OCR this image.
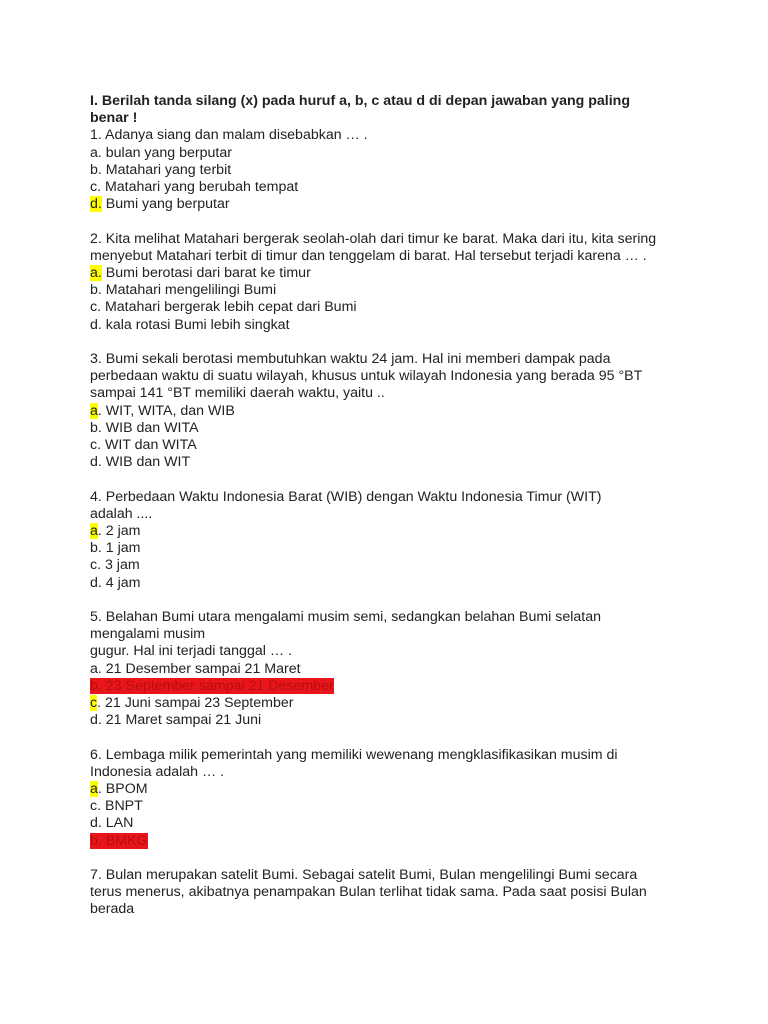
I. Berilah tanda silang (x) pada huruf a, b, c atau d di depan jawaban yang paling

benar !

1. Adanya siang dan malam disebabkan … .

a. bulan yang berputar

b. Matahari yang terbit

c. Matahari yang berubah tempat

d. Bumi yang berputar

2. Kita melihat Matahari bergerak seolah-olah dari timur ke barat. Maka dari itu, kita sering

menyebut Matahari terbit di timur dan tenggelam di barat. Hal tersebut terjadi karena … .

a. Bumi berotasi dari barat ke timur

b. Matahari mengelilingi Bumi

c. Matahari bergerak lebih cepat dari Bumi

d. kala rotasi Bumi lebih singkat

3. Bumi sekali berotasi membutuhkan waktu 24 jam. Hal ini memberi dampak pada

perbedaan waktu di suatu wilayah, khusus untuk wilayah Indonesia yang berada 95 °BT

sampai 141 °BT memiliki daerah waktu, yaitu ..

a. WIT, WITA, dan WIB

b. WIB dan WITA

c. WIT dan WITA

d. WIB dan WIT

4. Perbedaan Waktu Indonesia Barat (WIB) dengan Waktu Indonesia Timur (WIT)

adalah ....

a. 2 jam

b. 1 jam

c. 3 jam

d. 4 jam

5. Belahan Bumi utara mengalami musim semi, sedangkan belahan Bumi selatan

mengalami musim

gugur. Hal ini terjadi tanggal … .

a. 21 Desember sampai 21 Maret

b. 23 September sampai 21 Desember

c. 21 Juni sampai 23 September

d. 21 Maret sampai 21 Juni

6. Lembaga milik pemerintah yang memiliki wewenang mengklasifikasikan musim di

Indonesia adalah … .

a. BPOM

c. BNPT

d. LAN

b. BMKG

7. Bulan merupakan satelit Bumi. Sebagai satelit Bumi, Bulan mengelilingi Bumi secara

terus menerus, akibatnya penampakan Bulan terlihat tidak sama. Pada saat posisi Bulan

berada
